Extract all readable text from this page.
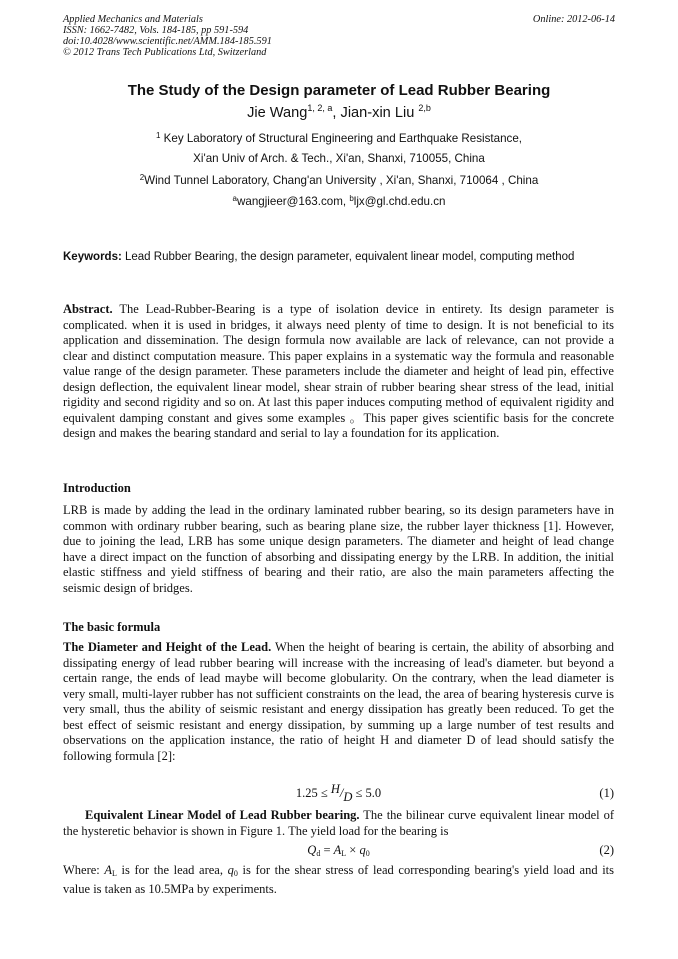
Applied Mechanics and Materials
ISSN: 1662-7482, Vols. 184-185, pp 591-594
doi:10.4028/www.scientific.net/AMM.184-185.591
© 2012 Trans Tech Publications Ltd, Switzerland
Online: 2012-06-14
The Study of the Design parameter of Lead Rubber Bearing
Jie Wang$^{1, 2, a}$, Jian-xin Liu $^{2,b}$
$^1$ Key Laboratory of Structural Engineering and Earthquake Resistance,
Xi'an Univ of Arch. & Tech., Xi'an, Shanxi, 710055, China
$^2$Wind Tunnel Laboratory, Chang'an University , Xi'an, Shanxi, 710064 , China
$^a$wangjieer@163.com, $^b$ljx@gl.chd.edu.cn
Keywords: Lead Rubber Bearing, the design parameter, equivalent linear model, computing method
Abstract. The Lead-Rubber-Bearing is a type of isolation device in entirety. Its design parameter is complicated. when it is used in bridges, it always need plenty of time to design. It is not beneficial to its application and dissemination. The design formula now available are lack of relevance, can not provide a clear and distinct computation measure. This paper explains in a systematic way the formula and reasonable value range of the design parameter. These parameters include the diameter and height of lead pin, effective design deflection, the equivalent linear model, shear strain of rubber bearing shear stress of the lead, initial rigidity and second rigidity and so on. At last this paper induces computing method of equivalent rigidity and equivalent damping constant and gives some examples 。This paper gives scientific basis for the concrete design and makes the bearing standard and serial to lay a foundation for its application.
Introduction
LRB is made by adding the lead in the ordinary laminated rubber bearing, so its design parameters have in common with ordinary rubber bearing, such as bearing plane size, the rubber layer thickness [1]. However, due to joining the lead, LRB has some unique design parameters. The diameter and height of lead change have a direct impact on the function of absorbing and dissipating energy by the LRB. In addition, the initial elastic stiffness and yield stiffness of bearing and their ratio, are also the main parameters affecting the seismic design of bridges.
The basic formula
The Diameter and Height of the Lead. When the height of bearing is certain, the ability of absorbing and dissipating energy of lead rubber bearing will increase with the increasing of lead's diameter. but beyond a certain range, the ends of lead maybe will become globularity. On the contrary, when the lead diameter is very small, multi-layer rubber has not sufficient constraints on the lead, the area of bearing hysteresis curve is very small, thus the ability of seismic resistant and energy dissipation has greatly been reduced. To get the best effect of seismic resistant and energy dissipation, by summing up a large number of test results and observations on the application instance, the ratio of height H and diameter D of lead should satisfy the following formula [2]:
1.25 ≤ H/D ≤ 5.0	(1)
Equivalent Linear Model of Lead Rubber bearing. The the bilinear curve equivalent linear model of the hysteretic behavior is shown in Figure 1. The yield load for the bearing is
$Q_d = A_L \times q_0$	(2)
Where: $A_L$ is for the lead area, $q_0$ is for the shear stress of lead corresponding bearing's yield load and its value is taken as 10.5MPa by experiments.
